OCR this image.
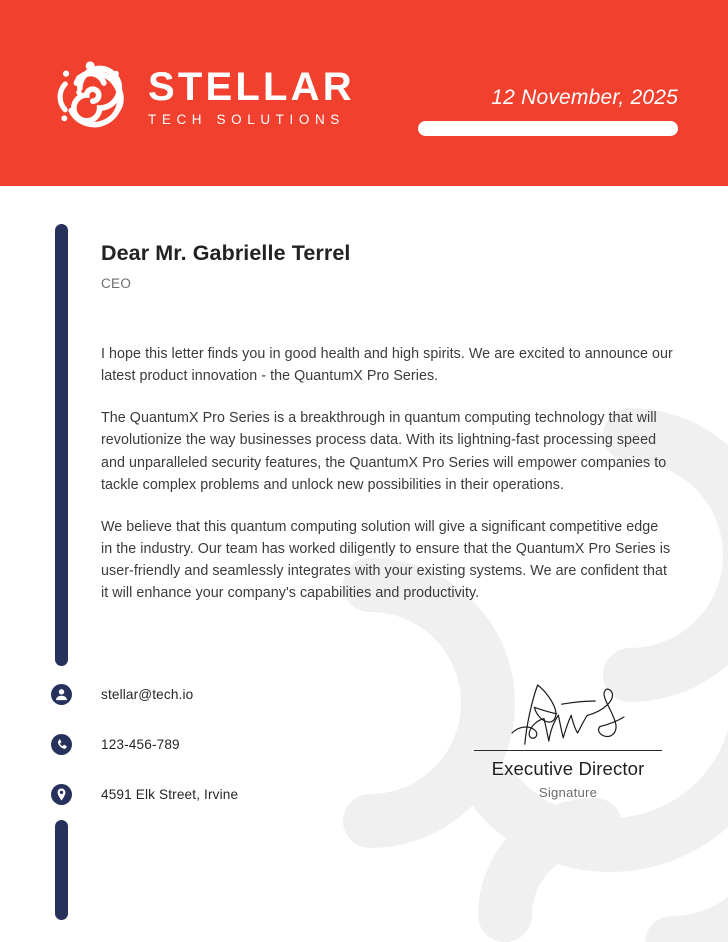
STELLAR
TECH SOLUTIONS
12 November, 2025
Dear Mr. Gabrielle Terrel
CEO

I hope this letter finds you in good health and high spirits. We are excited to announce our latest product innovation - the QuantumX Pro Series.

The QuantumX Pro Series is a breakthrough in quantum computing technology that will revolutionize the way businesses process data. With its lightning-fast processing speed and unparalleled security features, the QuantumX Pro Series will empower companies to tackle complex problems and unlock new possibilities in their operations.

We believe that this quantum computing solution will give a significant competitive edge in the industry. Our team has worked diligently to ensure that the QuantumX Pro Series is user-friendly and seamlessly integrates with your existing systems. We are confident that it will enhance your company's capabilities and productivity.

stellar@tech.io
123-456-789
4591 Elk Street, Irvine
Executive Director
Signature
